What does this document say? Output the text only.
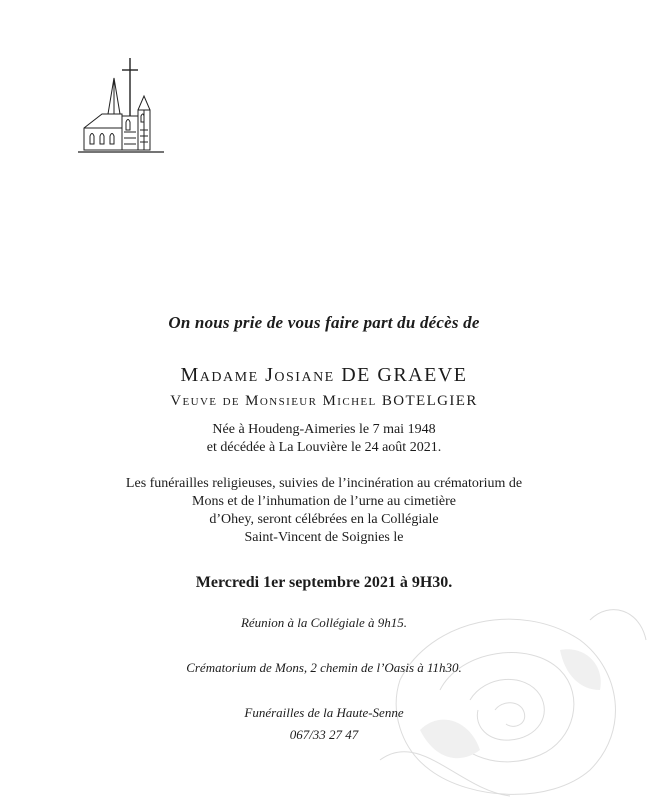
On nous prie de vous faire part du décès de
Madame Josiane DE GRAEVE
Veuve de Monsieur Michel BOTELGIER
Née à Houdeng-Aimeries le 7 mai 1948
et décédée à La Louvière le 24 août 2021.
Les funérailles religieuses, suivies de l’incinération au crématorium de
Mons et de l’inhumation de l’urne au cimetière
d’Ohey, seront célébrées en la Collégiale
Saint-Vincent de Soignies le
Mercredi 1er septembre 2021 à 9H30.
Réunion à la Collégiale à 9h15.
Crématorium de Mons, 2 chemin de l’Oasis à 11h30.
Funérailles de la Haute-Senne
067/33 27 47
